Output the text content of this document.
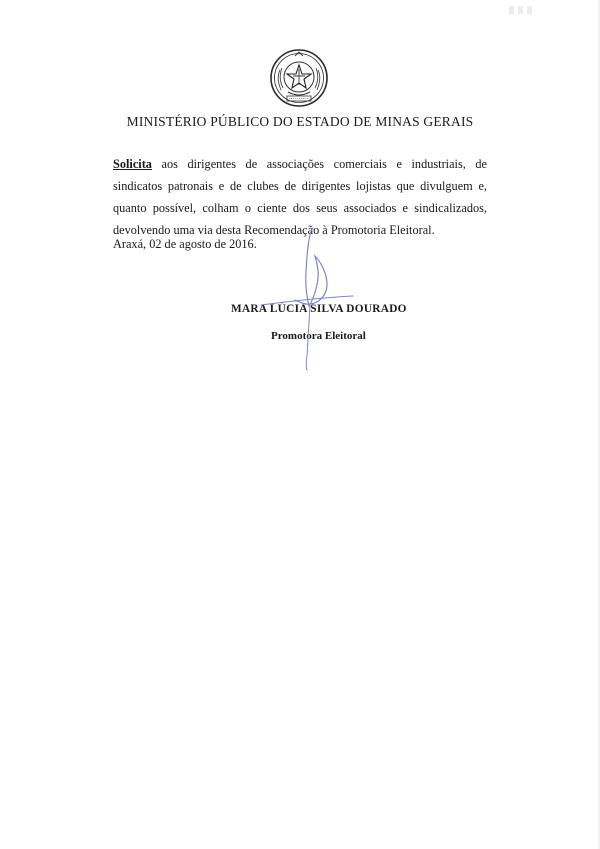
MINISTÉRIO PÚBLICO DO ESTADO DE MINAS GERAIS

Solicita aos dirigentes de associações comerciais e industriais, de sindicatos patronais e de clubes de dirigentes lojistas que divulguem e, quanto possível, colham o ciente dos seus associados e sindicalizados, devolvendo uma via desta Recomendação à Promotoria Eleitoral.

Araxá, 02 de agosto de 2016.
MARA LÚCIA SILVA DOURADO
Promotora Eleitoral
